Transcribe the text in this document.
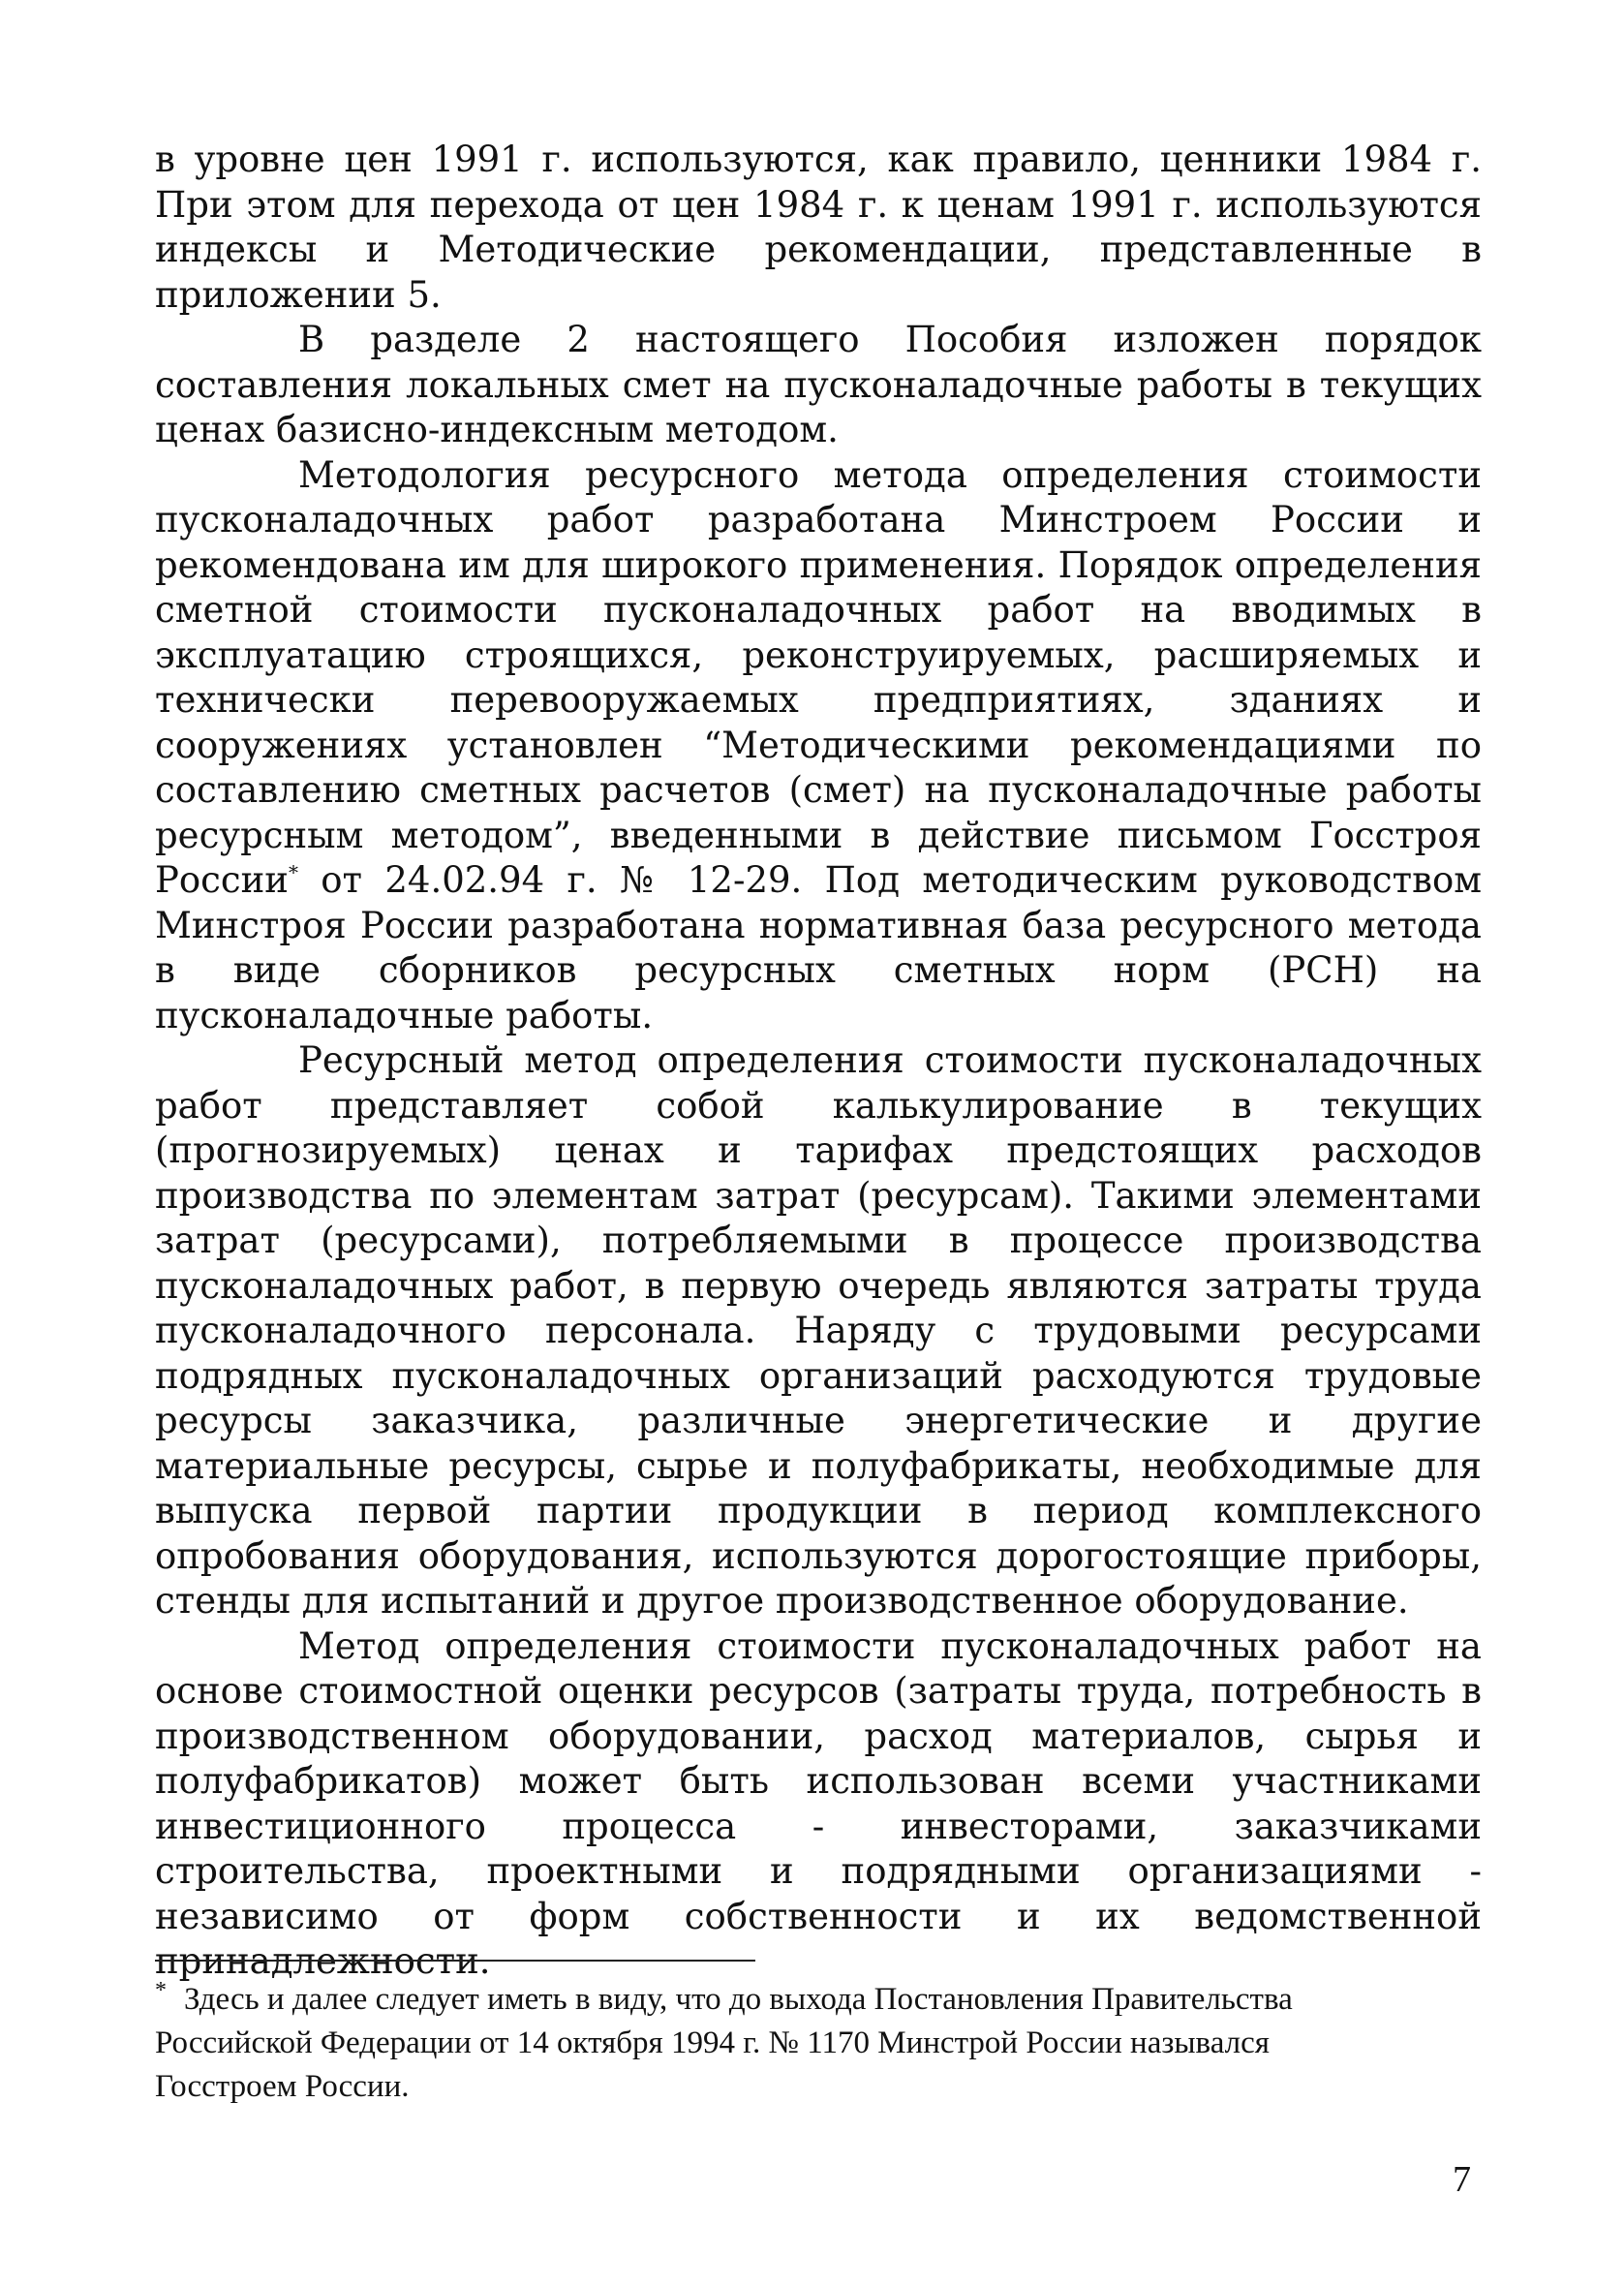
в уровне цен 1991 г. используются, как правило, ценники 1984 г. При этом для перехода от цен 1984 г. к ценам 1991 г. используются индексы и Методические рекомендации, представленные в приложении 5.

В разделе 2 настоящего Пособия изложен порядок составления локальных смет на пусконаладочные работы в текущих ценах базисно-индексным методом.

Методология ресурсного метода определения стоимости пусконаладочных работ разработана Минстроем России и рекомендована им для широкого применения. Порядок определения сметной стоимости пусконаладочных работ на вводимых в эксплуатацию строящихся, реконструируемых, расширяемых и технически перевооружаемых предприятиях, зданиях и сооружениях установлен “Методическими рекомендациями по составлению сметных расчетов (смет) на пусконаладочные работы ресурсным методом”, введенными в действие письмом Госстроя России* от 24.02.94 г. № 12-29. Под методическим руководством Минстроя России разработана нормативная база ресурсного метода в виде сборников ресурсных сметных норм (РСН) на пусконаладочные работы.

Ресурсный метод определения стоимости пусконаладочных работ представляет собой калькулирование в текущих (прогнозируемых) ценах и тарифах предстоящих расходов производства по элементам затрат (ресурсам). Такими элементами затрат (ресурсами), потребляемыми в процессе производства пусконаладочных работ, в первую очередь являются затраты труда пусконаладочного персонала. Наряду с трудовыми ресурсами подрядных пусконаладочных организаций расходуются трудовые ресурсы заказчика, различные энергетические и другие материальные ресурсы, сырье и полуфабрикаты, необходимые для выпуска первой партии продукции в период комплексного опробования оборудования, используются дорогостоящие приборы, стенды для испытаний и другое производственное оборудование.

Метод определения стоимости пусконаладочных работ на основе стоимостной оценки ресурсов (затраты труда, потребность в производственном оборудовании, расход материалов, сырья и полуфабрикатов) может быть использован всеми участниками инвестиционного процесса - инвесторами, заказчиками строительства, проектными и подрядными организациями - независимо от форм собственности и их ведомственной принадлежности.

* Здесь и далее следует иметь в виду, что до выхода Постановления Правительства Российской Федерации от 14 октября 1994 г. № 1170 Минстрой России назывался Госстроем России.
7
